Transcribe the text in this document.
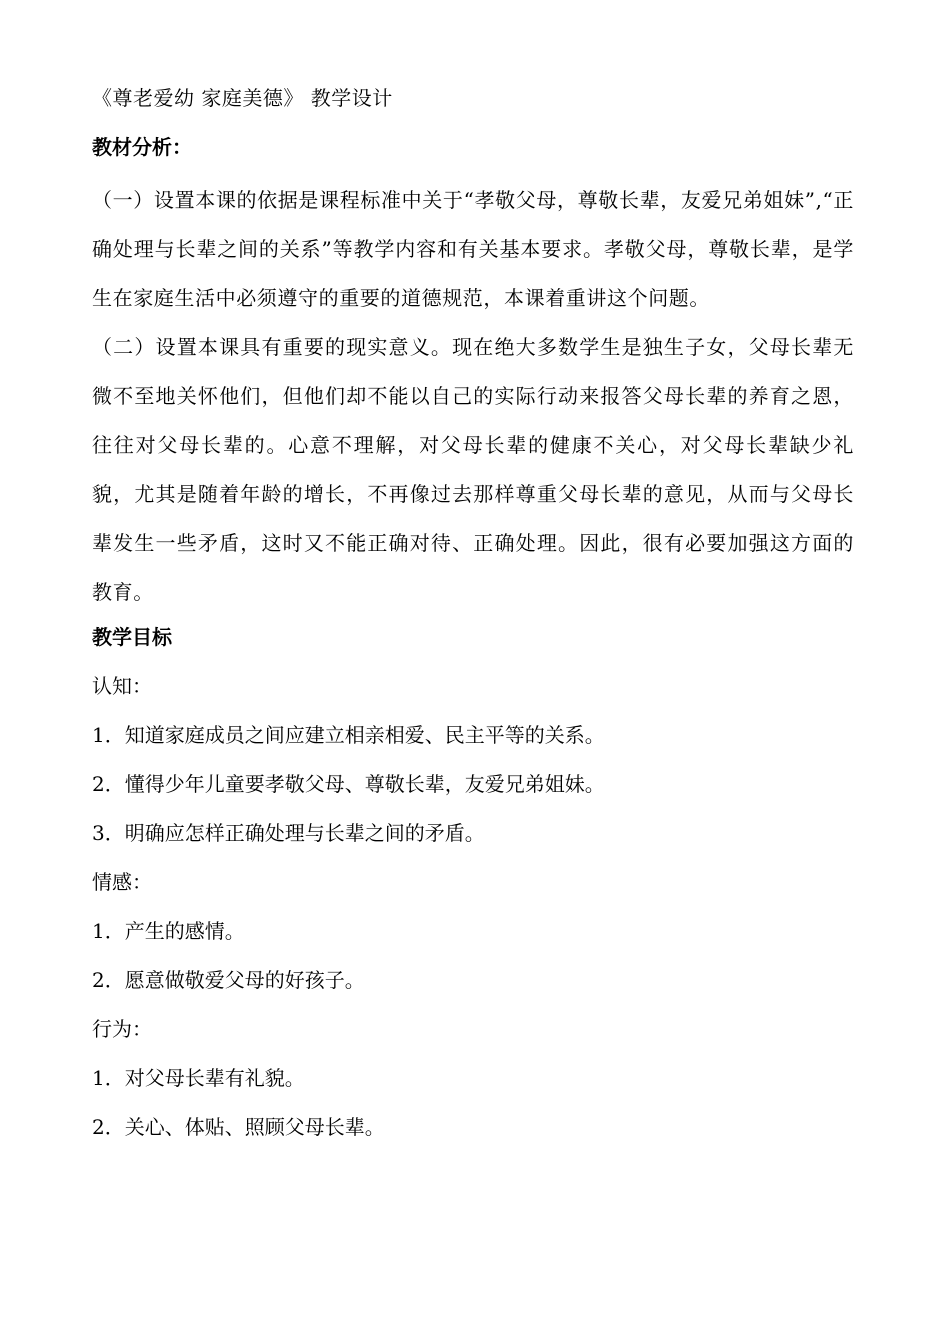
《尊老爱幼 家庭美德》 教学设计
教材分析：
（一）设置本课的依据是课程标准中关于“孝敬父母，尊敬长辈，友爱兄弟姐妹”,“正确处理与长辈之间的关系”等教学内容和有关基本要求。孝敬父母，尊敬长辈，是学生在家庭生活中必须遵守的重要的道德规范，本课着重讲这个问题。
（二）设置本课具有重要的现实意义。现在绝大多数学生是独生子女，父母长辈无微不至地关怀他们，但他们却不能以自己的实际行动来报答父母长辈的养育之恩，往往对父母长辈的。心意不理解，对父母长辈的健康不关心，对父母长辈缺少礼貌，尤其是随着年龄的增长，不再像过去那样尊重父母长辈的意见，从而与父母长辈发生一些矛盾，这时又不能正确对待、正确处理。因此，很有必要加强这方面的教育。
教学目标
认知：
1．知道家庭成员之间应建立相亲相爱、民主平等的关系。
2．懂得少年儿童要孝敬父母、尊敬长辈，友爱兄弟姐妹。
3．明确应怎样正确处理与长辈之间的矛盾。
情感：
1．产生的感情。
2．愿意做敬爱父母的好孩子。
行为：
1．对父母长辈有礼貌。
2．关心、体贴、照顾父母长辈。
